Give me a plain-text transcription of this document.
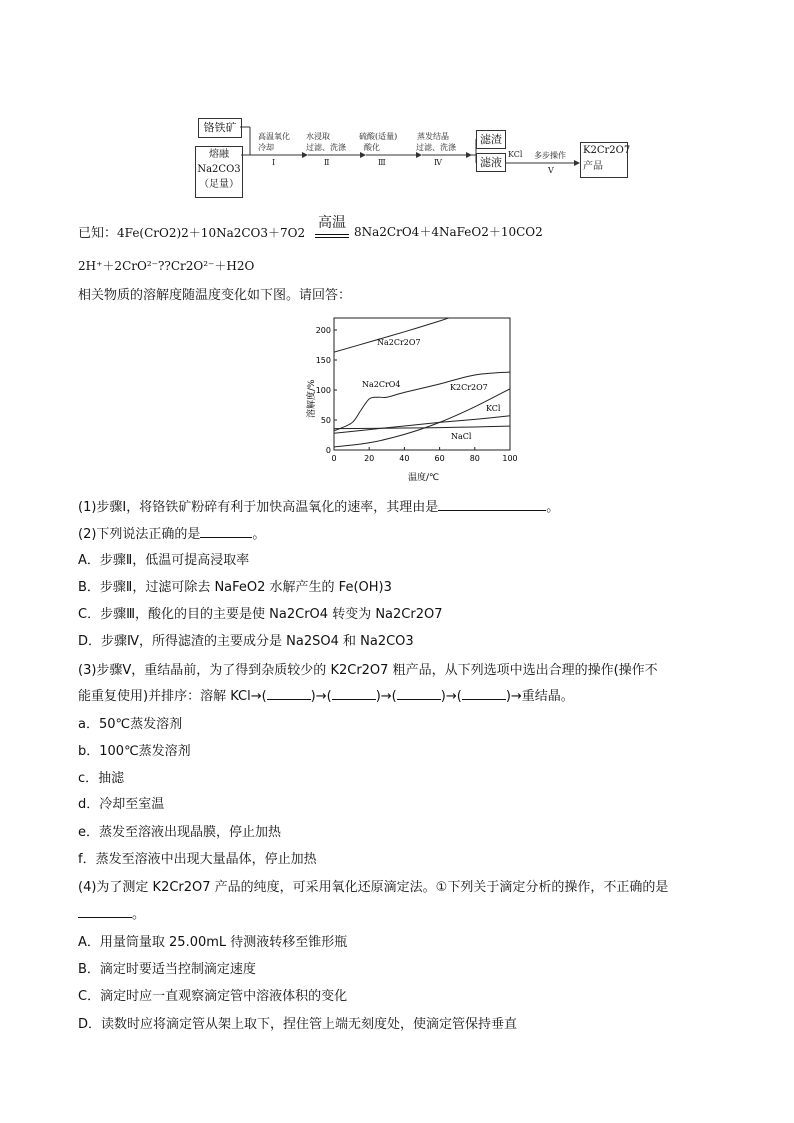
铬铁矿
熔融
Na2CO3
（足量）
高温氧化
冷却
Ⅰ
水浸取
过滤、洗涤
Ⅱ
硫酸(适量)
酸化
Ⅲ
蒸发结晶
过滤、洗涤
Ⅳ
滤渣
滤液
KCl 多步操作
Ⅴ
K2Cr2O7
产品
已知：4Fe(CrO2)2＋10Na2CO3＋7O2
高温
8Na2CrO4＋4NaFeO2＋10CO2
2H⁺＋2CrO²⁻??Cr2O²⁻＋H2O
相关物质的溶解度随温度变化如下图。请回答：
0	20	40	60	80	100
0
50
100
150
200
溶解度/%
温度/℃
Na2Cr2O7
Na2CrO4	K2Cr2O7
KCl
NaCl
(1)步骤Ⅰ，将铬铁矿粉碎有利于加快高温氧化的速率，其理由是	。
(2)下列说法正确的是	。
A．步骤Ⅱ，低温可提高浸取率
B．步骤Ⅱ，过滤可除去 NaFeO2 水解产生的 Fe(OH)3
C．步骤Ⅲ，酸化的目的主要是使 Na2CrO4 转变为 Na2Cr2O7
D．步骤Ⅳ，所得滤渣的主要成分是 Na2SO4 和 Na2CO3
(3)步骤Ⅴ，重结晶前，为了得到杂质较少的 K2Cr2O7 粗产品，从下列选项中选出合理的操作(操作不
能重复使用)并排序：溶解 KCl→(	)→(	)→(	)→(	)→重结晶。
a．50℃蒸发溶剂
b．100℃蒸发溶剂
c．抽滤
d．冷却至室温
e．蒸发至溶液出现晶膜，停止加热
f．蒸发至溶液中出现大量晶体，停止加热
(4)为了测定 K2Cr2O7 产品的纯度，可采用氧化还原滴定法。①下列关于滴定分析的操作，不正确的是
。
A．用量筒量取 25.00mL 待测液转移至锥形瓶
B．滴定时要适当控制滴定速度
C．滴定时应一直观察滴定管中溶液体积的变化
D．读数时应将滴定管从架上取下，捏住管上端无刻度处，使滴定管保持垂直
